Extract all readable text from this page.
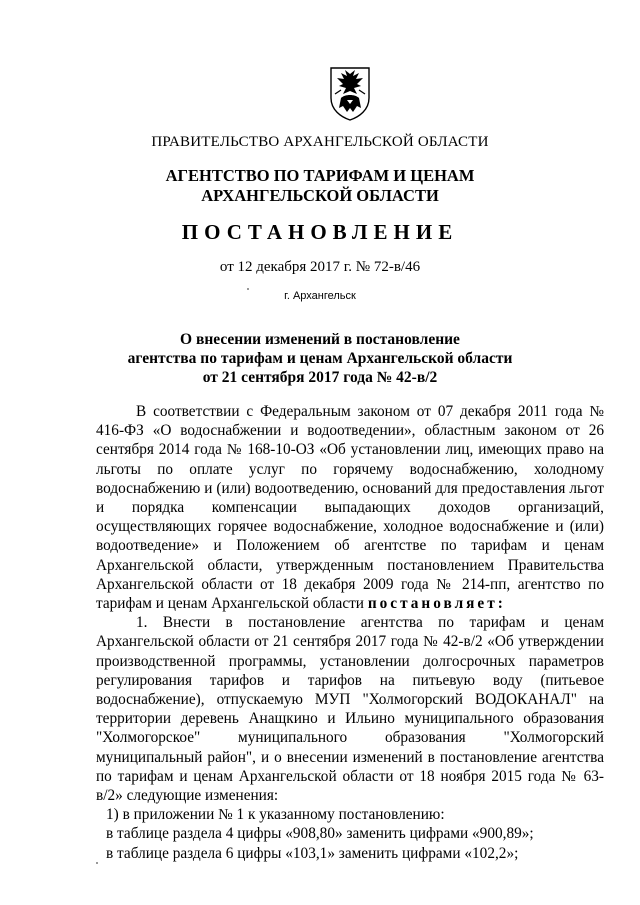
ПРАВИТЕЛЬСТВО АРХАНГЕЛЬСКОЙ ОБЛАСТИ
АГЕНТСТВО ПО ТАРИФАМ И ЦЕНАМ
АРХАНГЕЛЬСКОЙ ОБЛАСТИ
ПОСТАНОВЛЕНИЕ
от 12 декабря 2017 г. № 72-в/46
г. Архангельск
О внесении изменений в постановление
агентства по тарифам и ценам Архангельской области
от 21 сентября 2017 года № 42-в/2

В соответствии с Федеральным законом от 07 декабря 2011 года № 416-ФЗ «О водоснабжении и водоотведении», областным законом от 26 сентября 2014 года № 168-10-ОЗ «Об установлении лиц, имеющих право на льготы по оплате услуг по горячему водоснабжению, холодному водоснабжению и (или) водоотведению, оснований для предоставления льгот и порядка компенсации выпадающих доходов организаций, осуществляющих горячее водоснабжение, холодное водоснабжение и (или) водоотведение» и Положением об агентстве по тарифам и ценам Архангельской области, утвержденным постановлением Правительства Архангельской области от 18 декабря 2009 года № 214-пп, агентство по тарифам и ценам Архангельской области постановляет:

1. Внести в постановление агентства по тарифам и ценам Архангельской области от 21 сентября 2017 года № 42-в/2 «Об утверждении производственной программы, установлении долгосрочных параметров регулирования тарифов и тарифов на питьевую воду (питьевое водоснабжение), отпускаемую МУП "Холмогорский ВОДОКАНАЛ" на территории деревень Анащкино и Ильино муниципального образования "Холмогорское" муниципального образования "Холмогорский муниципальный район", и о внесении изменений в постановление агентства по тарифам и ценам Архангельской области от 18 ноября 2015 года № 63-в/2» следующие изменения:

1) в приложении № 1 к указанному постановлению:

в таблице раздела 4 цифры «908,80» заменить цифрами «900,89»;

в таблице раздела 6 цифры «103,1» заменить цифрами «102,2»;
